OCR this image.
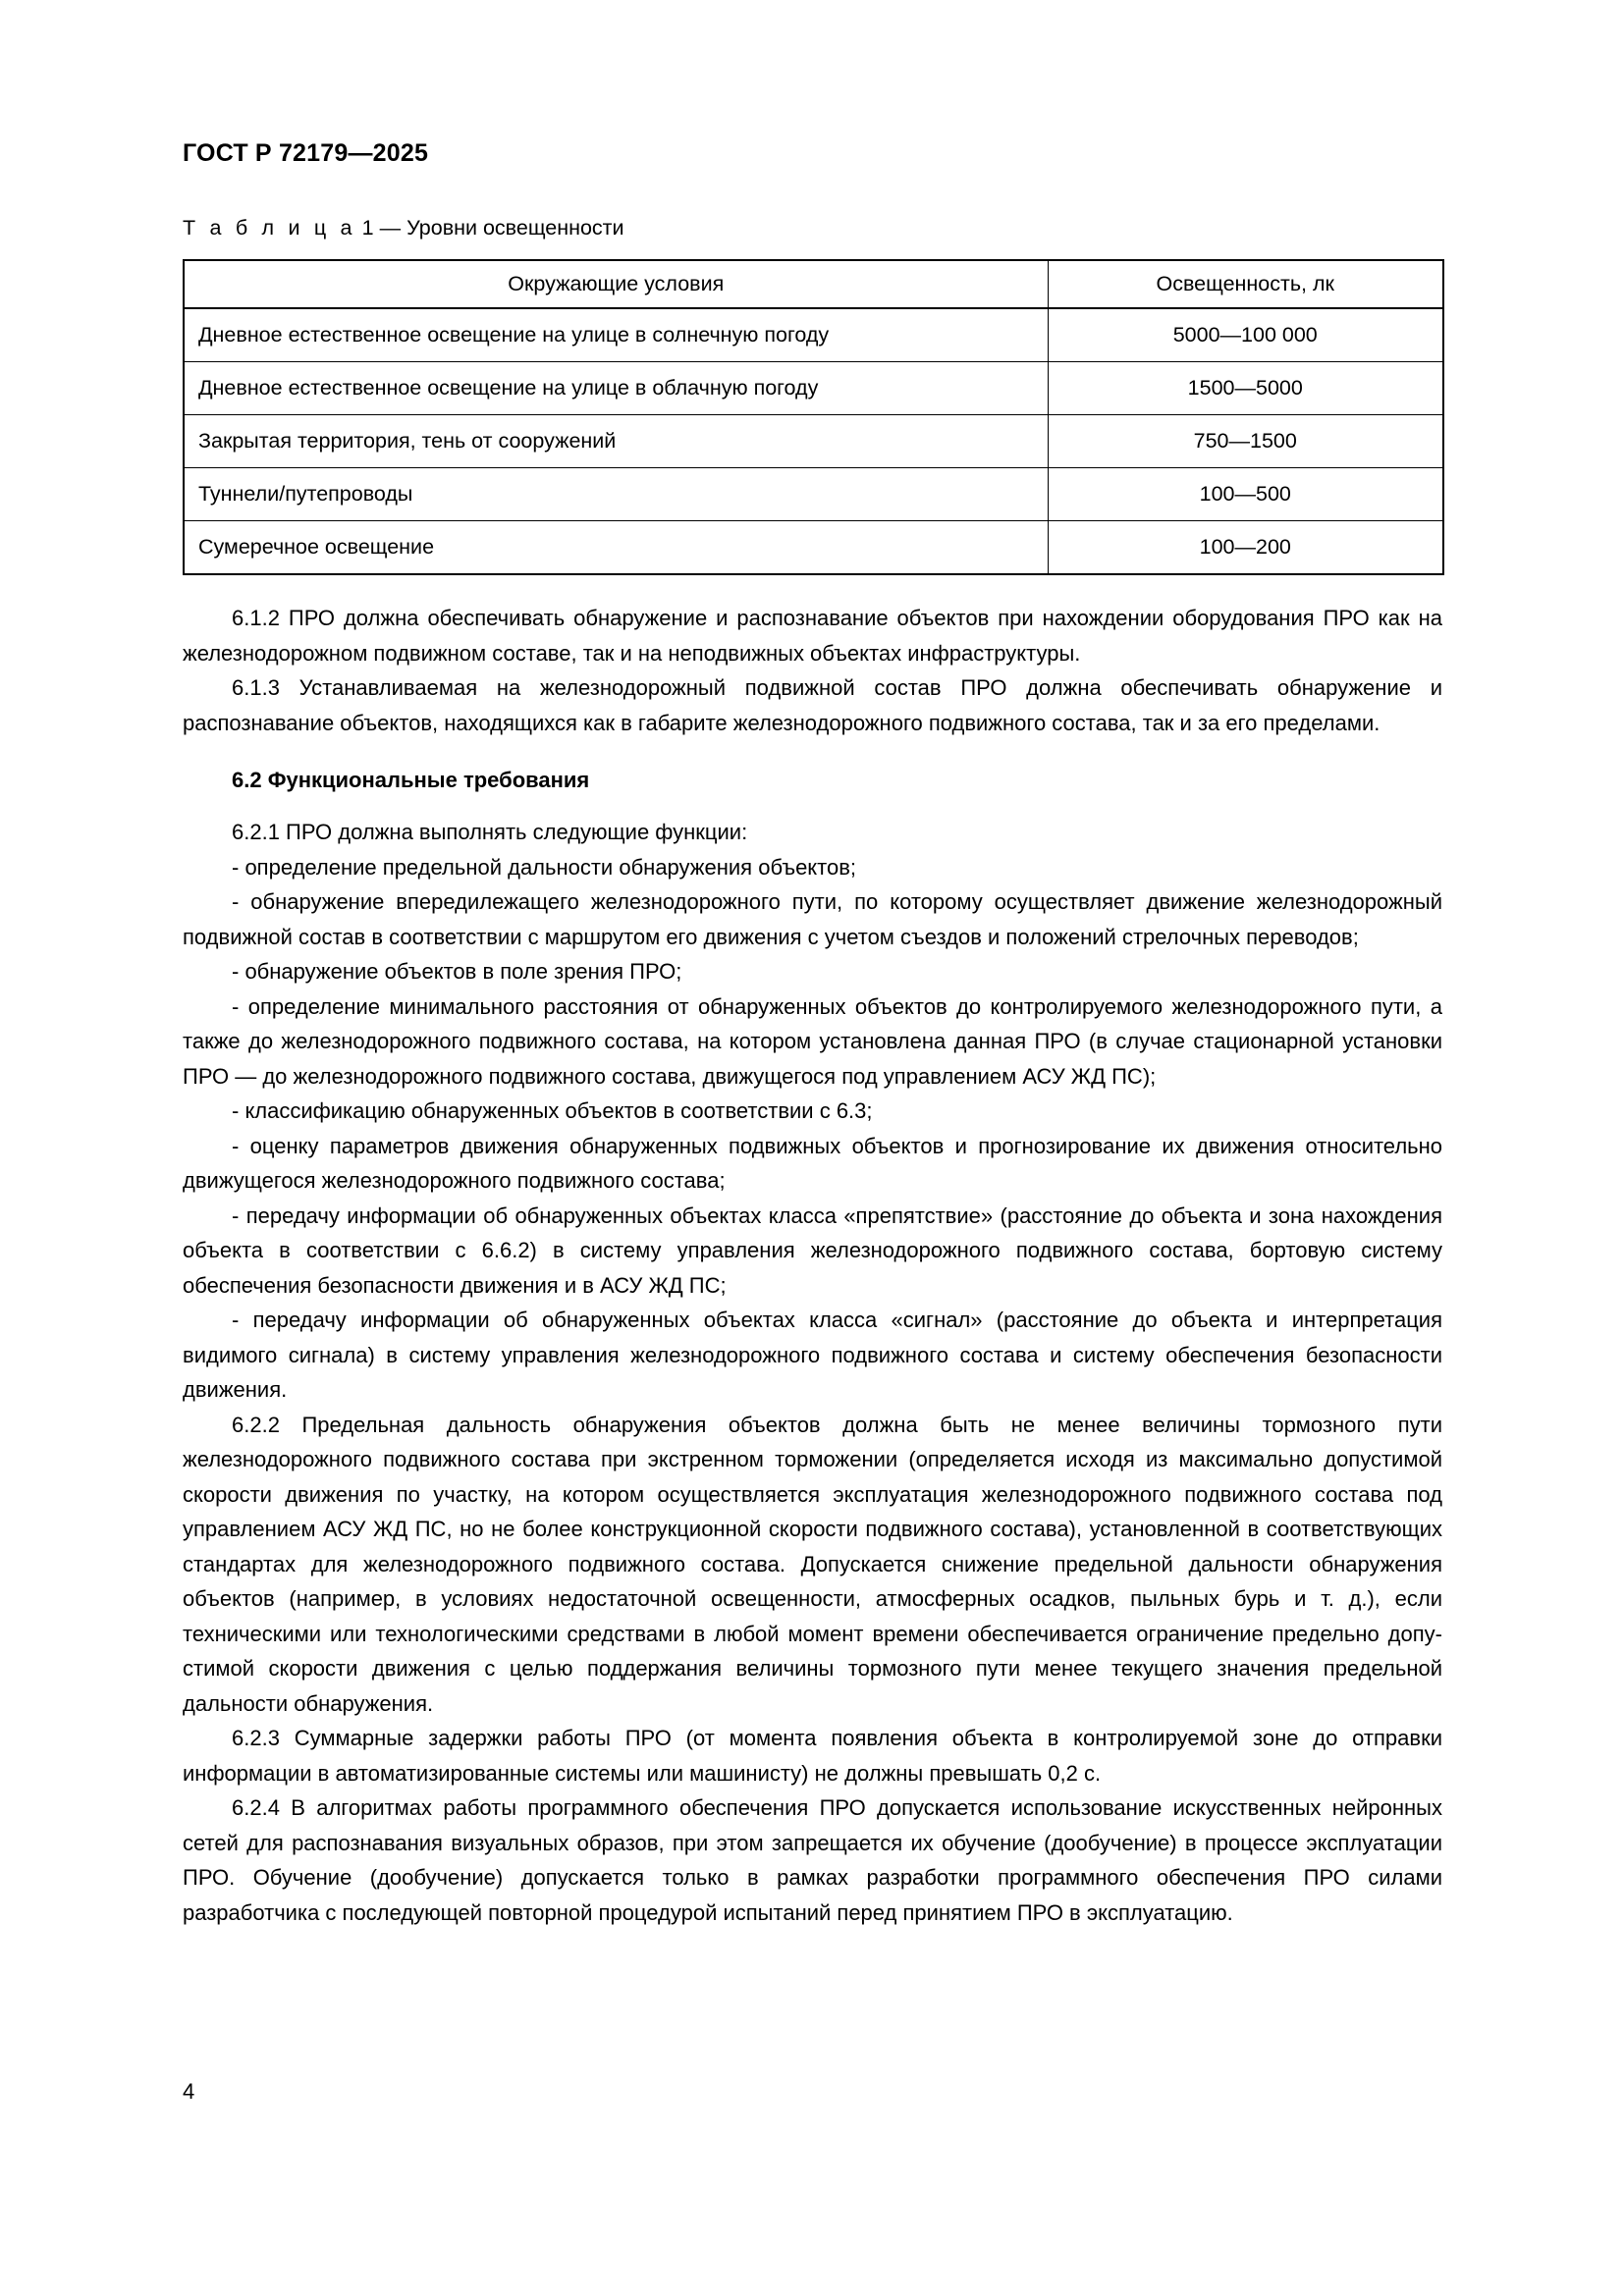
ГОСТ Р 72179—2025

Т а б л и ц а 1 — Уровни освещенности

Окружающие условия	Освещенность, лк
Дневное естественное освещение на улице в солнечную погоду	5000—100 000
Дневное естественное освещение на улице в облачную погоду	1500—5000
Закрытая территория, тень от сооружений	750—1500
Туннели/путепроводы	100—500
Сумеречное освещение	100—200

6.1.2 ПРО должна обеспечивать обнаружение и распознавание объектов при нахождении оборудования ПРО как на железнодорожном подвижном составе, так и на неподвижных объектах инфраструктуры.

6.1.3 Устанавливаемая на железнодорожный подвижной состав ПРО должна обеспечивать обнаружение и распознавание объектов, находящихся как в габарите железнодорожного подвижного состава, так и за его пределами.

6.2 Функциональные требования

6.2.1 ПРО должна выполнять следующие функции:

- определение предельной дальности обнаружения объектов;

- обнаружение впередилежащего железнодорожного пути, по которому осуществляет движение железнодорожный подвижной состав в соответствии с маршрутом его движения с учетом съездов и положений стрелочных переводов;

- обнаружение объектов в поле зрения ПРО;

- определение минимального расстояния от обнаруженных объектов до контролируемого железнодорожного пути, а также до железнодорожного подвижного состава, на котором установлена данная ПРО (в случае стационарной установки ПРО — до железнодорожного подвижного состава, движущегося под управлением АСУ ЖД ПС);

- классификацию обнаруженных объектов в соответствии с 6.3;

- оценку параметров движения обнаруженных подвижных объектов и прогнозирование их движения относительно движущегося железнодорожного подвижного состава;

- передачу информации об обнаруженных объектах класса «препятствие» (расстояние до объекта и зона нахождения объекта в соответствии с 6.6.2) в систему управления железнодорожного подвижного состава, бортовую систему обеспечения безопасности движения и в АСУ ЖД ПС;

- передачу информации об обнаруженных объектах класса «сигнал» (расстояние до объекта и интерпретация видимого сигнала) в систему управления железнодорожного подвижного состава и систему обеспечения безопасности движения.

6.2.2 Предельная дальность обнаружения объектов должна быть не менее величины тормозного пути железнодорожного подвижного состава при экстренном торможении (определяется исходя из максимально допустимой скорости движения по участку, на котором осуществляется эксплуатация железнодорожного подвижного состава под управлением АСУ ЖД ПС, но не более конструкционной скорости подвижного состава), установленной в соответствующих стандартах для железнодорожного подвижного состава. Допускается снижение предельной дальности обнаружения объектов (например, в условиях недостаточной освещенности, атмосферных осадков, пыльных бурь и т. д.), если техническими или технологическими средствами в любой момент времени обеспечивается ограничение предельно допустимой скорости движения с целью поддержания величины тормозного пути менее текущего значения предельной дальности обнаружения.

6.2.3 Суммарные задержки работы ПРО (от момента появления объекта в контролируемой зоне до отправки информации в автоматизированные системы или машинисту) не должны превышать 0,2 с.

6.2.4 В алгоритмах работы программного обеспечения ПРО допускается использование искусственных нейронных сетей для распознавания визуальных образов, при этом запрещается их обучение (дообучение) в процессе эксплуатации ПРО. Обучение (дообучение) допускается только в рамках разработки программного обеспечения ПРО силами разработчика с последующей повторной процедурой испытаний перед принятием ПРО в эксплуатацию.

4
